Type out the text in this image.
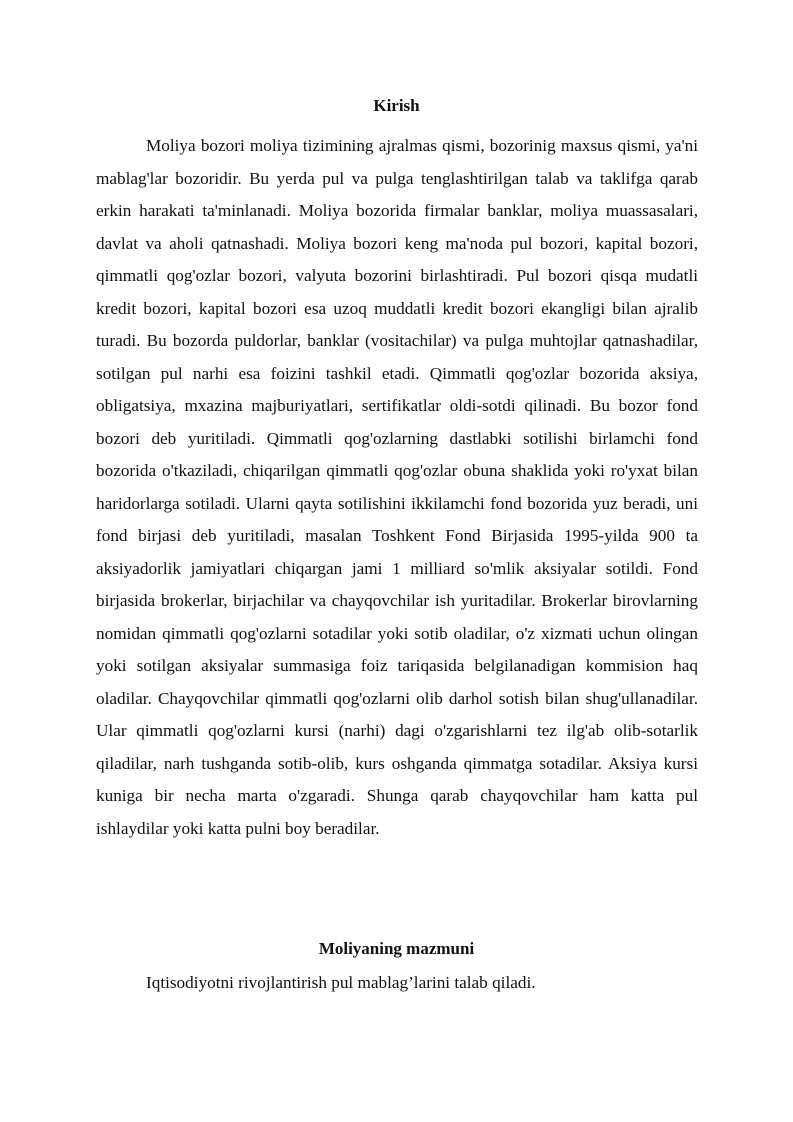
Kirish

Moliya bozori moliya tizimining ajralmas qismi, bozorinig maxsus qismi, ya'ni mablag'lar bozoridir. Bu yerda pul va pulga tenglashtirilgan talab va taklifga qarab erkin harakati ta'minlanadi. Moliya bozorida firmalar banklar, moliya muassasalari, davlat va aholi qatnashadi. Moliya bozori keng ma'noda pul bozori, kapital bozori, qimmatli qog'ozlar bozori, valyuta bozorini birlashtiradi. Pul bozori qisqa mudatli kredit bozori, kapital bozori esa uzoq muddatli kredit bozori ekangligi bilan ajralib turadi. Bu bozorda puldorlar, banklar (vositachilar) va pulga muhtojlar qatnashadilar, sotilgan pul narhi esa foizini tashkil etadi. Qimmatli qog'ozlar bozorida aksiya, obligatsiya, mxazina majburiyatlari, sertifikatlar oldi-sotdi qilinadi. Bu bozor fond bozori deb yuritiladi. Qimmatli qog'ozlarning dastlabki sotilishi birlamchi fond bozorida o'tkaziladi, chiqarilgan qimmatli qog'ozlar obuna shaklida yoki ro'yxat bilan haridorlarga sotiladi. Ularni qayta sotilishini ikkilamchi fond bozorida yuz beradi, uni fond birjasi deb yuritiladi, masalan Toshkent Fond Birjasida 1995-yilda 900 ta aksiyadorlik jamiyatlari chiqargan jami 1 milliard so'mlik aksiyalar sotildi. Fond birjasida brokerlar, birjachilar va chayqovchilar ish yuritadilar. Brokerlar birovlarning nomidan qimmatli qog'ozlarni sotadilar yoki sotib oladilar, o'z xizmati uchun olingan yoki sotilgan aksiyalar summasiga foiz tariqasida belgilanadigan kommision haq oladilar. Chayqovchilar qimmatli qog'ozlarni olib darhol sotish bilan shug'ullanadilar. Ular qimmatli qog'ozlarni kursi (narhi) dagi o'zgarishlarni tez ilg'ab olib-sotarlik qiladilar, narh tushganda sotib-olib, kurs oshganda qimmatga sotadilar. Aksiya kursi kuniga bir necha marta o'zgaradi. Shunga qarab chayqovchilar ham katta pul ishlaydilar yoki katta pulni boy beradilar.

Moliyaning mazmuni

Iqtisodiyotni rivojlantirish pul mablag’larini talab qiladi.
